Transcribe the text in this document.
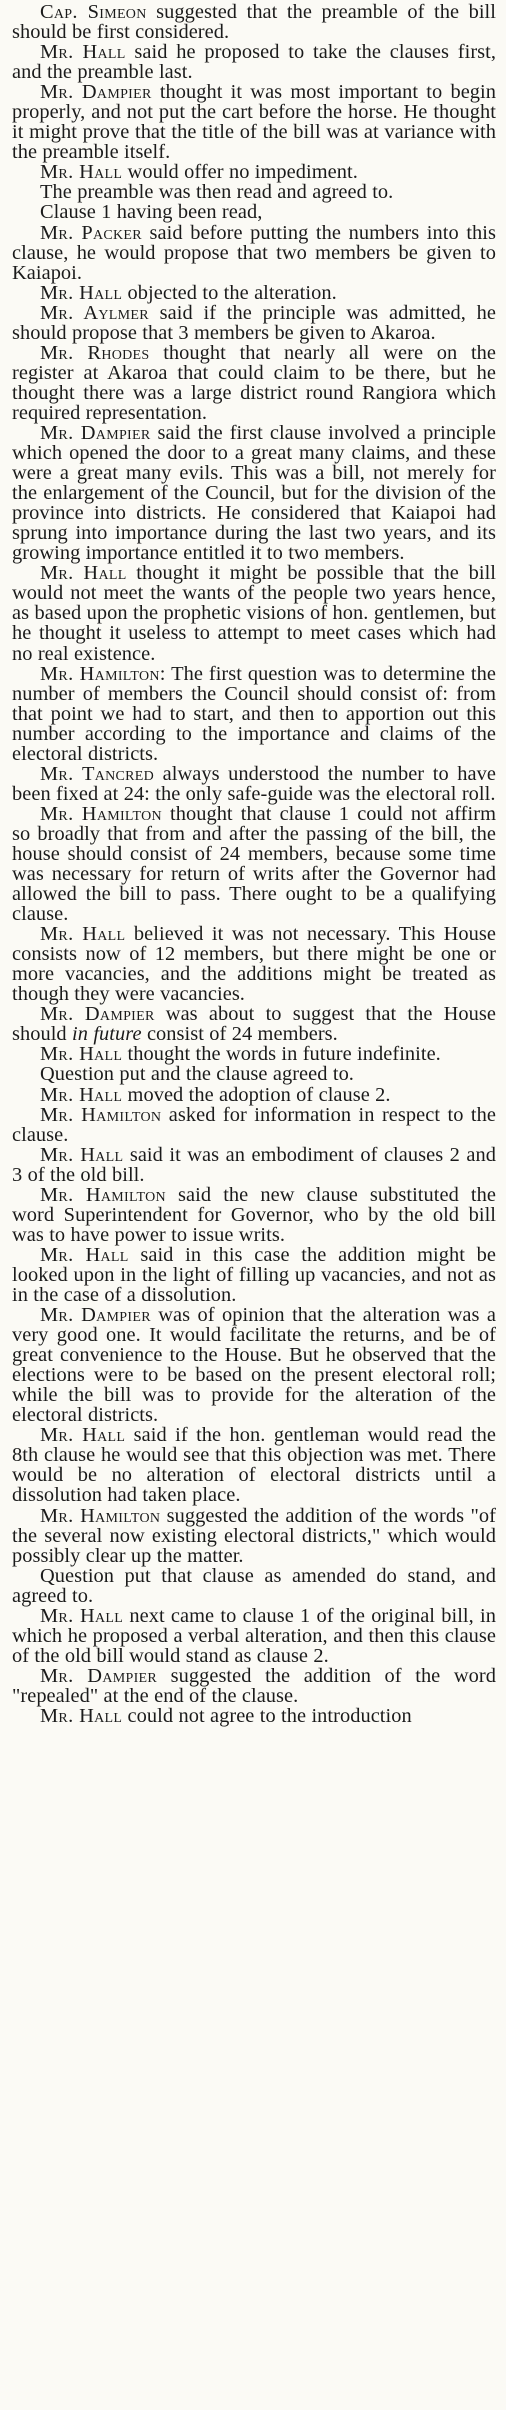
Cap. Simeon suggested that the preamble of the bill should be first considered.

Mr. Hall said he proposed to take the clauses first, and the preamble last.

Mr. Dampier thought it was most important to begin properly, and not put the cart before the horse. He thought it might prove that the title of the bill was at variance with the preamble itself.

Mr. Hall would offer no impediment.

The preamble was then read and agreed to.

Clause 1 having been read,

Mr. Packer said before putting the numbers into this clause, he would propose that two members be given to Kaiapoi.

Mr. Hall objected to the alteration.

Mr. Aylmer said if the principle was admitted, he should propose that 3 members be given to Akaroa.

Mr. Rhodes thought that nearly all were on the register at Akaroa that could claim to be there, but he thought there was a large district round Rangiora which required representation.

Mr. Dampier said the first clause involved a principle which opened the door to a great many claims, and these were a great many evils. This was a bill, not merely for the enlargement of the Council, but for the division of the province into districts. He considered that Kaiapoi had sprung into importance during the last two years, and its growing importance entitled it to two members.

Mr. Hall thought it might be possible that the bill would not meet the wants of the people two years hence, as based upon the prophetic visions of hon. gentlemen, but he thought it useless to attempt to meet cases which had no real existence.

Mr. Hamilton: The first question was to determine the number of members the Council should consist of: from that point we had to start, and then to apportion out this number according to the importance and claims of the electoral districts.

Mr. Tancred always understood the number to have been fixed at 24: the only safe-guide was the electoral roll.

Mr. Hamilton thought that clause 1 could not affirm so broadly that from and after the passing of the bill, the house should consist of 24 members, because some time was necessary for return of writs after the Governor had allowed the bill to pass. There ought to be a qualifying clause.

Mr. Hall believed it was not necessary. This House consists now of 12 members, but there might be one or more vacancies, and the additions might be treated as though they were vacancies.

Mr. Dampier was about to suggest that the House should in future consist of 24 members.

Mr. Hall thought the words in future indefinite.

Question put and the clause agreed to.

Mr. Hall moved the adoption of clause 2.

Mr. Hamilton asked for information in respect to the clause.

Mr. Hall said it was an embodiment of clauses 2 and 3 of the old bill.

Mr. Hamilton said the new clause substituted the word Superintendent for Governor, who by the old bill was to have power to issue writs.

Mr. Hall said in this case the addition might be looked upon in the light of filling up vacancies, and not as in the case of a dissolution.

Mr. Dampier was of opinion that the alteration was a very good one. It would facilitate the returns, and be of great convenience to the House. But he observed that the elections were to be based on the present electoral roll; while the bill was to provide for the alteration of the electoral districts.

Mr. Hall said if the hon. gentleman would read the 8th clause he would see that this objection was met. There would be no alteration of electoral districts until a dissolution had taken place.

Mr. Hamilton suggested the addition of the words "of the several now existing electoral districts," which would possibly clear up the matter.

Question put that clause as amended do stand, and agreed to.

Mr. Hall next came to clause 1 of the original bill, in which he proposed a verbal alteration, and then this clause of the old bill would stand as clause 2.

Mr. Dampier suggested the addition of the word "repealed" at the end of the clause.

Mr. Hall could not agree to the introduction
